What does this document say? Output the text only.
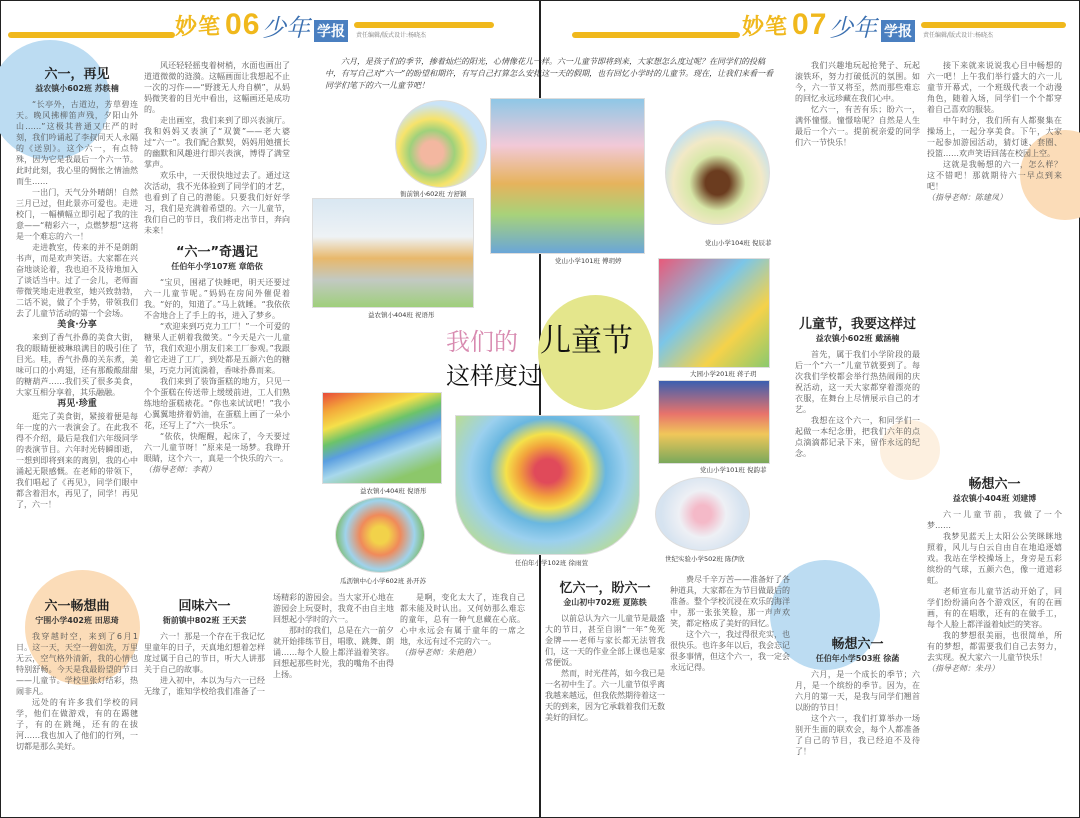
妙笔 06 少年 学报	责任编辑/版式设计:杨晓杰	妙笔 07 少年 学报	责任编辑/版式设计:杨晓杰
六月，是孩子们的季节，掺着灿烂的阳光，心情像花儿一样。六一儿童节即将到来，大家想怎么度过呢？在同学们的投稿中，有写自己对“六一”的盼望和期许，有写自己打算怎么安排这一天的假期，也有回忆小学时的儿童节。现在，让我们来看一看同学们笔下的六一儿童节吧！
衙前镇小602班 方舒颖
益农镇小404班 祝语彤
党山小学101班 傅玥婷
党山小学104班 倪辰菲
大园小学201班 蒋子玥
党山小学101班 倪韵菲
益农镇小404班 倪语彤
瓜沥镇中心小学602班 孙开苏
任伯年小学102班 徐雨萱	世纪实验小学502班 陈伊欣
我们的 儿童节
这样度过
六一，再见
益农镇小602班 苏轶楠

“长亭外，古道边，芳草碧连天。晚风拂柳笛声残，夕阳山外山……”这极其普通又庄严的时刻，我们吟诵起了李叔同天人永隔的《送别》。这个六一，有点特殊，因为它是我最后一个六一节。此时此刻，我心里的惆怅之情油然而生……

一出门，天气分外晴朗！自然三月已过，但此景亦可爱也。走进校门，一幅横幅立即引起了我的注意——“精彩六一，点燃梦想”这将是一个难忘的六一！

走进教室，传来的并不是朗朗书声，而是欢声笑语。大家都在兴奋地谈论着，我也迫不及待地加入了谈话当中。过了一会儿，老师面带微笑地走进教室，她兴致勃勃，二话不说，做了个手势，带领我们去了儿童节活动的第一个会场。

美食·分享

来到了香气扑鼻的美食大街，我的眼睛便被琳琅满目的吸引住了目光。哇，香气扑鼻的关东煮，美味可口的小鸡翅，还有那酸酸甜甜的糖葫芦……我们买了很多美食，大家互相分享着，其乐融融。

再见·珍重

逛完了美食街，紧接着便是每年一度的六一表演会了。在此我不得不介绍，最后是我们六年级同学的表演节目。六年时光转瞬即逝，一想到即将到来的离别，我的心中涌起无限感慨。在老师的带领下，我们唱起了《再见》，同学们眼中都含着泪水，再见了，同学！再见了，六一！

风还轻轻摇曳着树梢，水面也画出了道道微微的涟漪。这幅画面让我想起不止一次的习作——“野渡无人舟自横”，从妈妈微笑着的目光中看出，这幅画还是成功的。

走出画室，我们来到了即兴表演厅。我和妈妈又表演了“双簧”——老大婆过“六一”。我们配合默契，妈妈用她擅长的幽默和风趣进行即兴表演，博得了满堂掌声。

欢乐中，一天很快地过去了。通过这次活动，我不光体验到了同学们的才艺，也看到了自己的潜能。只要我们好好学习，我们是充满着希望的。六一儿童节，我们自己的节日，我们将走出节日，奔向未来！

“六一”奇遇记
任伯年小学107班 章皓依

“宝贝，围裙了快睡吧，明天还要过六一儿童节呢。”妈妈在房间外催促着我。“好的，知道了。”马上就睡。“我依依不舍地合上了手上的书，进入了梦乡。

“欢迎来到巧克力工厂！”一个可爱的糖果人正朝着我微笑。“今天是六一儿童节，我们欢迎小朋友们来工厂参观。”我跟着它走进了工厂，到处都是五颜六色的糖果，巧克力河流淌着，香味扑鼻而来。

我们来到了装饰蛋糕的地方，只见一个个蛋糕在传送带上缓缓前进，工人们熟练地给蛋糕裱花。“你也来试试吧！”我小心翼翼地挤着奶油，在蛋糕上画了一朵小花，还写上了“六一快乐”。

“依依，快醒醒，起床了，今天要过六一儿童节呀！”原来是一场梦。我睁开眼睛，这个六一，真是一个快乐的六一。

（指导老师：李莉）
六一畅想曲
宁围小学402班 田思琦

我穿越时空，来到了6月1日。这一天，天空一碧如洗，万里无云，空气格外清新，我的心情也特别舒畅。今天是我最盼望的节日——儿童节。学校里张灯结彩，热闹非凡。

远处的有许多我们学校的同学，他们在做游戏，有的在踢毽子，有的在跳绳，还有的在拔河……我也加入了他们的行列，一切都是那么美好。

回味六一
衙前镇中802班 王天芸

六一！那是一个存在于我记忆里童年的日子，天真地幻想着怎样度过属于自己的节日，听大人讲那关于自己的故事。

进入初中，本以为与六一已经无缘了，谁知学校给我们准备了一场精彩的游园会。当大家开心地在游园会上玩耍时，我竟不由自主地回想起小学时的六一。

那时的我们，总是在六一前夕就开始排练节目，唱歌、跳舞、朗诵……每个人脸上都洋溢着笑容。回想起那些时光，我的嘴角不由得上扬。

是啊，变化太大了，连我自己都未能及时认出。又何妨那么难忘的童年，总有一种气息藏在心底。心中永远会有属于童年的一席之地，永远有过不完的六一。

（指导老师：朱艳艳）
忆六一，盼六一
金山初中702班 夏陈轶

以前总认为六一儿童节是最盛大的节日，甚至自诩“一年”免死金牌——老师与家长都无法管我们，这一天的作业全部上课也是家常便饭。

然而，时光荏苒，如今我已是一名初中生了。六一儿童节似乎离我越来越远，但我依然期待着这一天的到来，因为它承载着我们无数美好的回忆。

费尽千辛万苦——准备好了各种道具，大家都在为节目做最后的准备。整个学校沉浸在欢乐的海洋中，那一张张笑脸，那一声声欢笑，都定格成了美好的回忆。

这个六一，我过得很充实，也很快乐。也许多年以后，我会忘记很多事情，但这个六一，我一定会永远记得。

我们兴趣地玩起抢凳子、玩起滚铁环，努力打破低沉的氛围。如今，六一节又将至，然而那些难忘的回忆永远珍藏在我们心中。

忆六一，有苦有乐；盼六一，满怀憧憬。憧憬啥呢？自然是人生最后一个六一。提前祝亲爱的同学们六一节快乐！

儿童节，我要这样过
益农镇小602班 戴涵楠

首先，属于我们小学阶段的最后一个“六一”儿童节就要到了。每次我们学校都会举行热热闹闹的庆祝活动，这一天大家都穿着漂亮的衣服，在舞台上尽情展示自己的才艺。

我想在这个六一，和同学们一起做一本纪念册，把我们六年的点点滴滴都记录下来，留作永远的纪念。

畅想六一
任伯年小学503班 徐菡

六月，是一个成长的季节；六月，是一个缤纷的季节。因为，在六月的第一天，是我与同学们翘首以盼的节日！

这个六一，我们打算举办一场别开生面的联欢会，每个人都准备了自己的节目，我已经迫不及待了！

接下来就来说说我心目中畅想的六一吧！上午我们举行盛大的六一儿童节开幕式，一个班级代表一个动漫角色，随着入场，同学们一个个都穿着自己喜欢的服装。

中午时分，我们所有人都聚集在操场上，一起分享美食。下午，大家一起参加游园活动，猜灯谜、套圈、投篮……欢声笑语回荡在校园上空。

这就是我畅想的六一，怎么样？这不错吧！那就期待六一早点到来吧！

（指导老师：陈建凤）
畅想六一
益农镇小404班 刘建博

六一儿童节前，我做了一个梦……

我梦见蓝天上太阳公公笑眯眯地照着，风儿与白云自由自在地追逐嬉戏。我站在学校操场上，身旁是五彩缤纷的气球，五颜六色，像一道道彩虹。

老师宣布儿童节活动开始了，同学们纷纷涌向各个游戏区，有的在画画，有的在唱歌，还有的在做手工，每个人脸上都洋溢着灿烂的笑容。

我的梦想很美丽，也很简单，所有的梦想，都需要我们自己去努力，去实现。祝大家六一儿童节快乐！

（指导老师：朱丹）
